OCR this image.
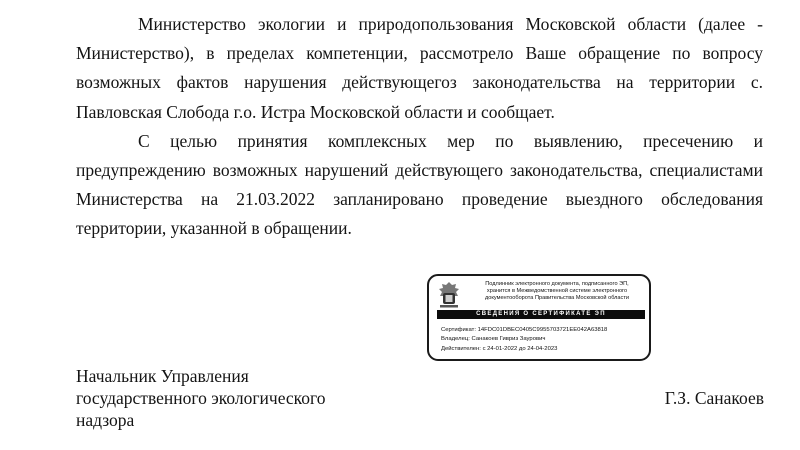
Министерство экологии и природопользования Московской области (далее - Министерство), в пределах компетенции, рассмотрело Ваше обращение по вопросу возможных фактов нарушения действующегоз законодательства на территории с. Павловская Слобода г.о. Истра Московской области и сообщает.

С целью принятия комплексных мер по выявлению, пресечению и предупреждению возможных нарушений действующего законодательства, специалистами Министерства на 21.03.2022 запланировано проведение выездного обследования территории, указанной в обращении.

Подлинник электронного документа, подписанного ЭП,
хранится в Межведомственной системе электронного
документооборота Правительства Московской области
СВЕДЕНИЯ О СЕРТИФИКАТЕ ЭП
Сертификат: 14FDC01DBEC0405C9955703721EE042A63818
Владелец: Санакоев Гивриз Заурович
Действителен: с 24-01-2022 до 24-04-2023
Начальник Управления
государственного экологического
надзора
Г.З. Санакоев
